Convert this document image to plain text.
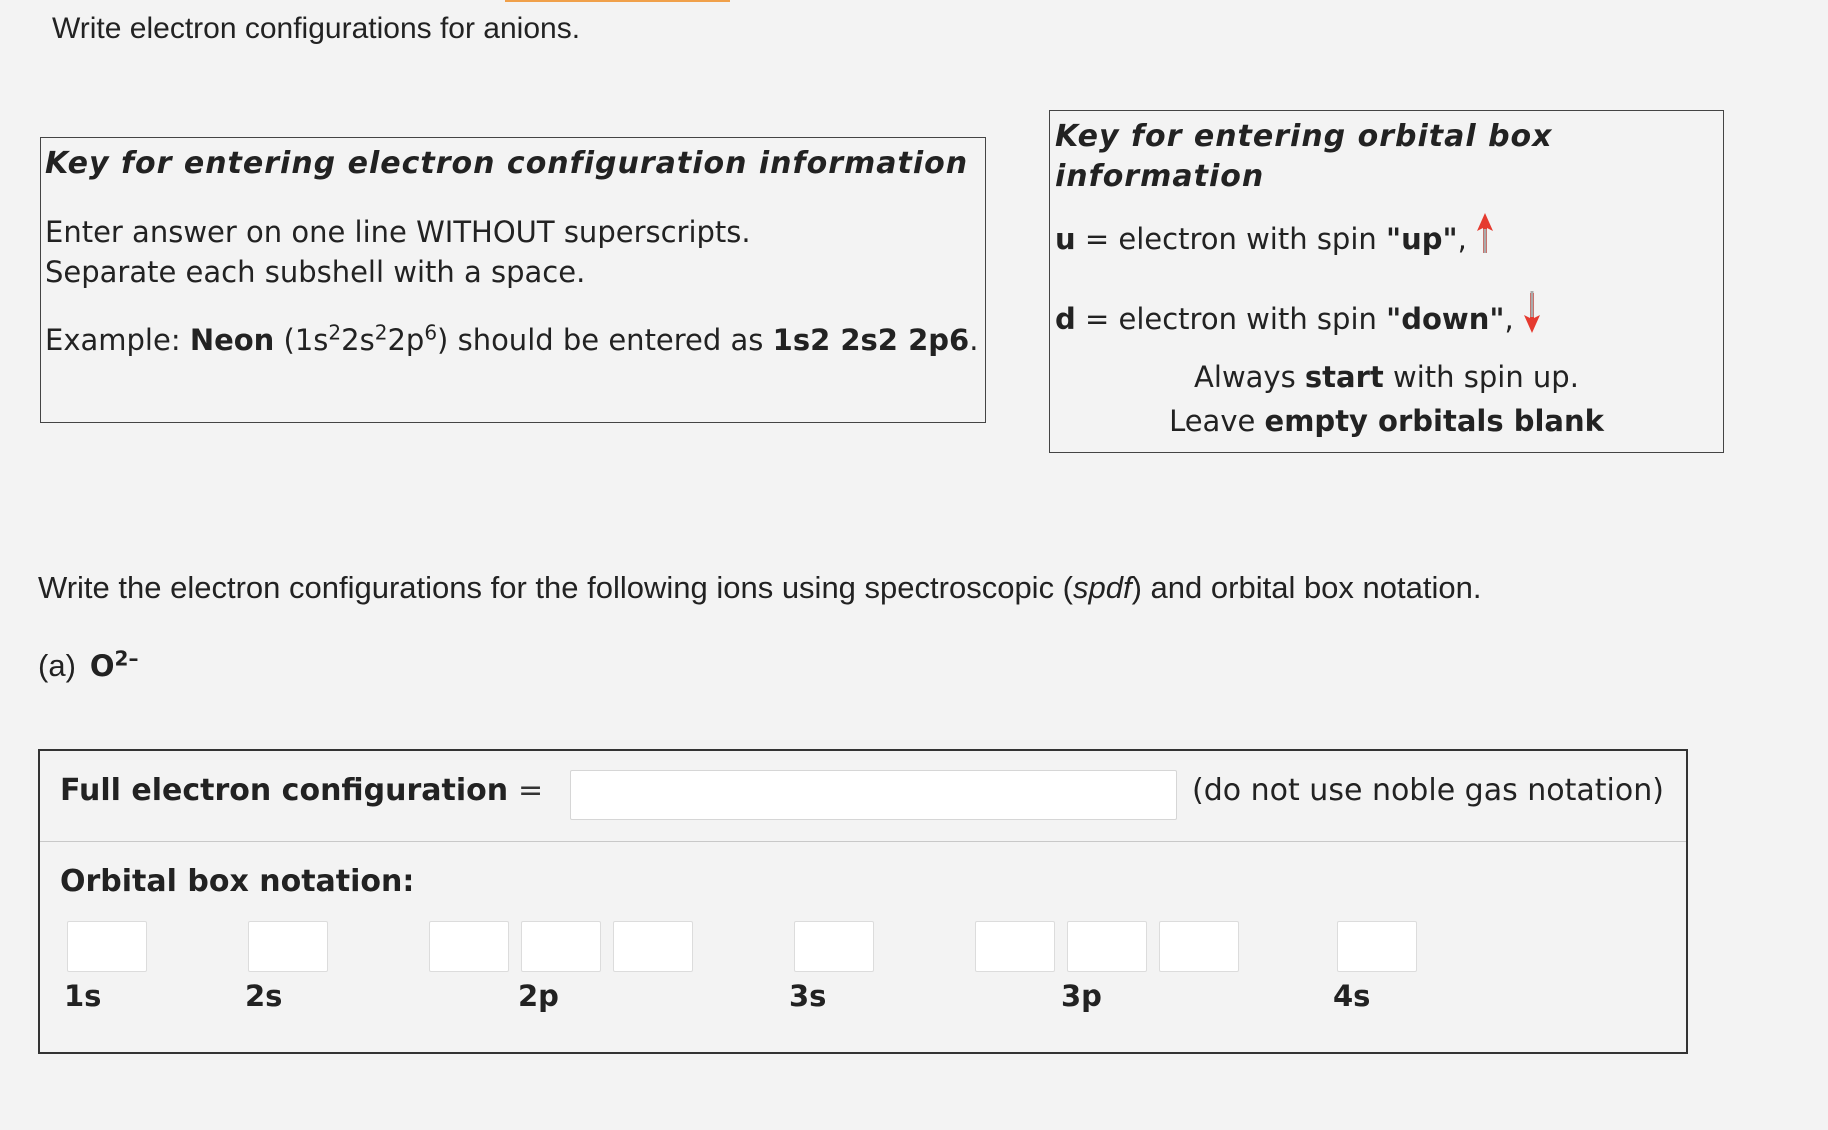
Write electron configurations for anions.
Key for entering electron configuration information
Enter answer on one line WITHOUT superscripts.
Separate each subshell with a space.
Example: Neon $(1s^22s^22p^6)$ should be entered as 1s2 2s2 2p6.
Key for entering orbital box information
u = electron with spin "up",
d = electron with spin "down",
Always start with spin up.
Leave empty orbitals blank
Write the electron configurations for the following ions using spectroscopic (spdf) and orbital box notation.
(a) $O^{2-}$
Full electron configuration =	(do not use noble gas notation)
Orbital box notation:
1s	2s	2p	3s	3p	4s
